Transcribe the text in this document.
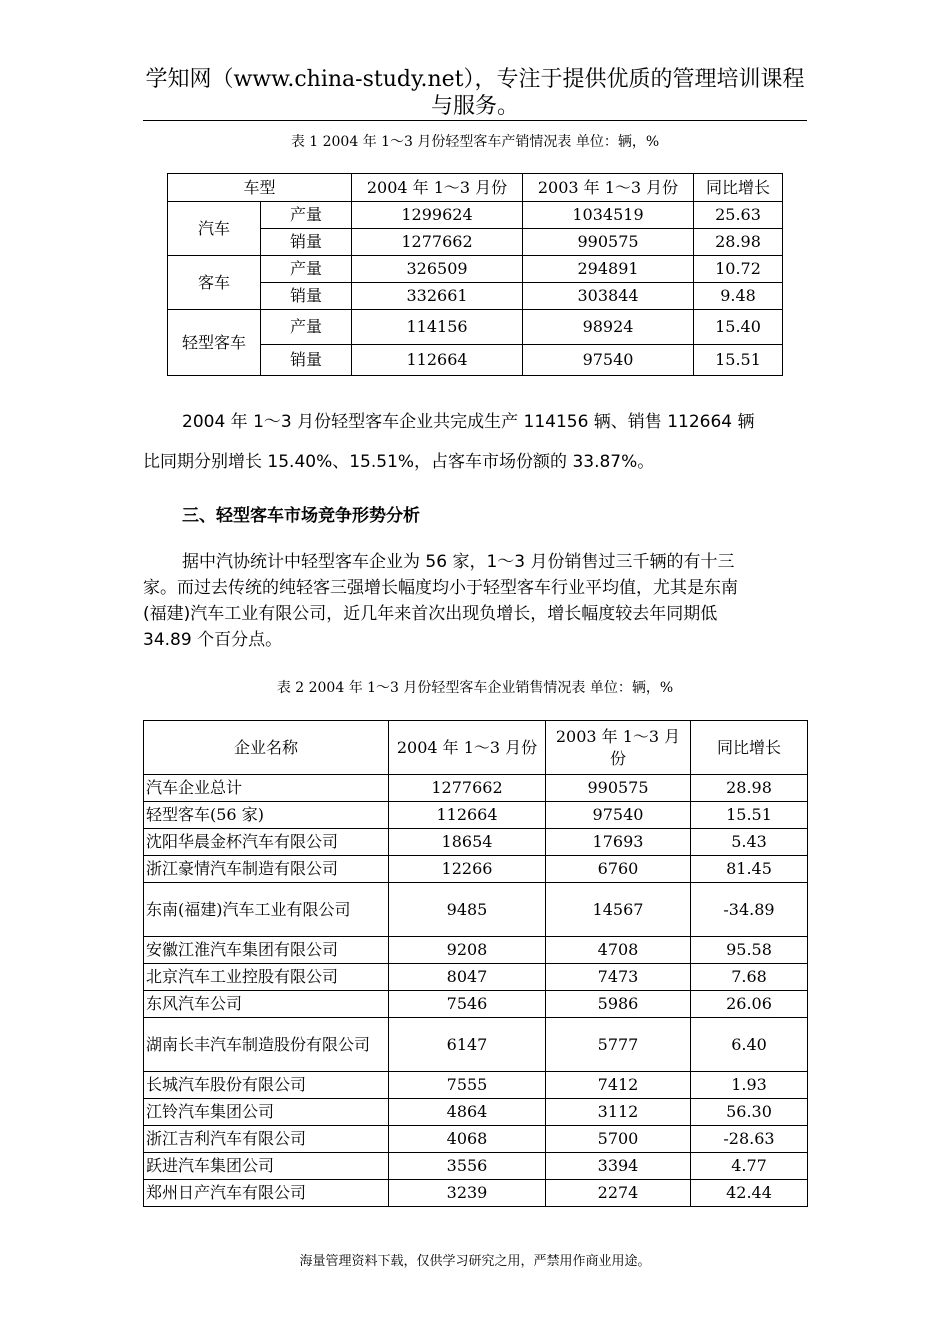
学知网（www.china-study.net），专注于提供优质的管理培训课程
与服务。
表 1 2004 年 1～3 月份轻型客车产销情况表 单位：辆，%
车型		2004 年 1～3 月份	2003 年 1～3 月份	同比增长
汽车	产量	1299624	1034519	25.63
	销量	1277662	990575	28.98
客车	产量	326509	294891	10.72
	销量	332661	303844	9.48
轻型客车	产量	114156	98924	15.40
	销量	112664	97540	15.51

2004 年 1～3 月份轻型客车企业共完成生产 114156 辆、销售 112664 辆

比同期分别增长 15.40%、15.51%，占客车市场份额的 33.87%。

三、轻型客车市场竞争形势分析

据中汽协统计中轻型客车企业为 56 家，1～3 月份销售过三千辆的有十三

家。而过去传统的纯轻客三强增长幅度均小于轻型客车行业平均值，尤其是东南

(福建)汽车工业有限公司，近几年来首次出现负增长，增长幅度较去年同期低

34.89 个百分点。

表 2 2004 年 1～3 月份轻型客车企业销售情况表 单位：辆，%
企业名称	2004 年 1～3 月份	2003 年 1～3 月份	同比增长
汽车企业总计	1277662	990575	28.98
轻型客车(56 家)	112664	97540	15.51
沈阳华晨金杯汽车有限公司	18654	17693	5.43
浙江豪情汽车制造有限公司	12266	6760	81.45
东南(福建)汽车工业有限公司	9485	14567	-34.89
安徽江淮汽车集团有限公司	9208	4708	95.58
北京汽车工业控股有限公司	8047	7473	7.68
东风汽车公司	7546	5986	26.06
湖南长丰汽车制造股份有限公司	6147	5777	6.40
长城汽车股份有限公司	7555	7412	1.93
江铃汽车集团公司	4864	3112	56.30
浙江吉利汽车有限公司	4068	5700	-28.63
跃进汽车集团公司	3556	3394	4.77
郑州日产汽车有限公司	3239	2274	42.44
海量管理资料下载，仅供学习研究之用，严禁用作商业用途。
